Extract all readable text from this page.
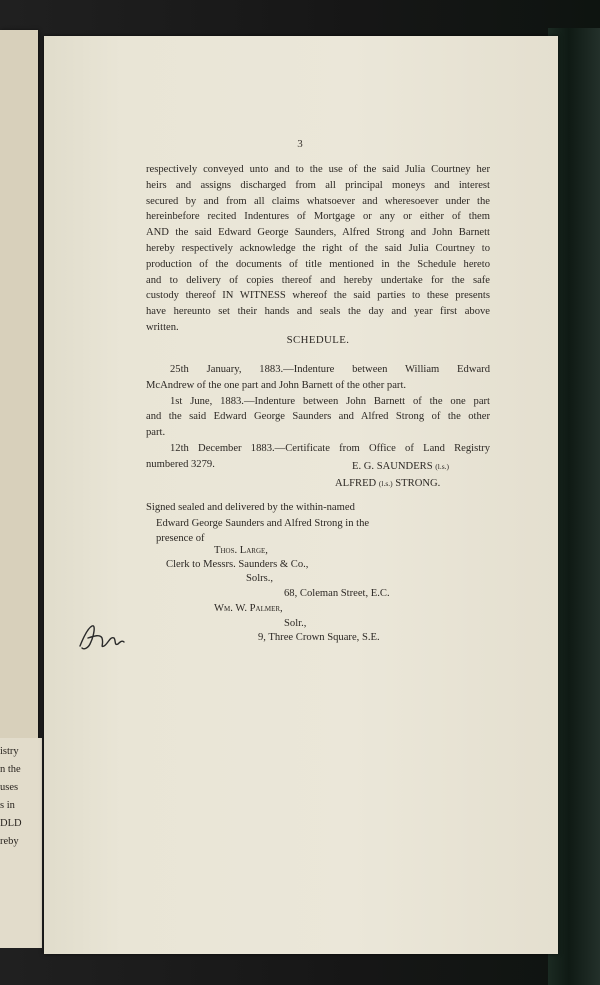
istry
n the
uses
s in
DLD
reby
3
respectively conveyed unto and to the use of the said Julia Courtney her
heirs and assigns discharged from all principal moneys and interest
secured by and from all claims whatsoever and wheresoever under the
hereinbefore recited Indentures of Mortgage or any or either of them
AND the said Edward George Saunders, Alfred Strong and John Barnett
hereby respectively acknowledge the right of the said Julia Courtney to
production of the documents of title mentioned in the Schedule hereto
and to delivery of copies thereof and hereby undertake for the safe
custody thereof IN WITNESS whereof the said parties to these presents
have hereunto set their hands and seals the day and year first above
written.
SCHEDULE.
25th January, 1883.—Indenture between William Edward
McAndrew of the one part and John Barnett of the other part.
1st June, 1883.—Indenture between John Barnett of the one part
and the said Edward George Saunders and Alfred Strong of the other
part.
12th December 1883.—Certificate from Office of Land Registry
numbered 3279.	E. G. SAUNDERS (l.s.)
ALFRED (l.s.) STRONG.
Signed sealed and delivered by the within-named
Edward George Saunders and Alfred Strong in the
presence of
Thos. Large,
Clerk to Messrs. Saunders & Co.,
Solrs.,
68, Coleman Street, E.C.
Wm. W. Palmer,
Solr.,
9, Three Crown Square, S.E.
